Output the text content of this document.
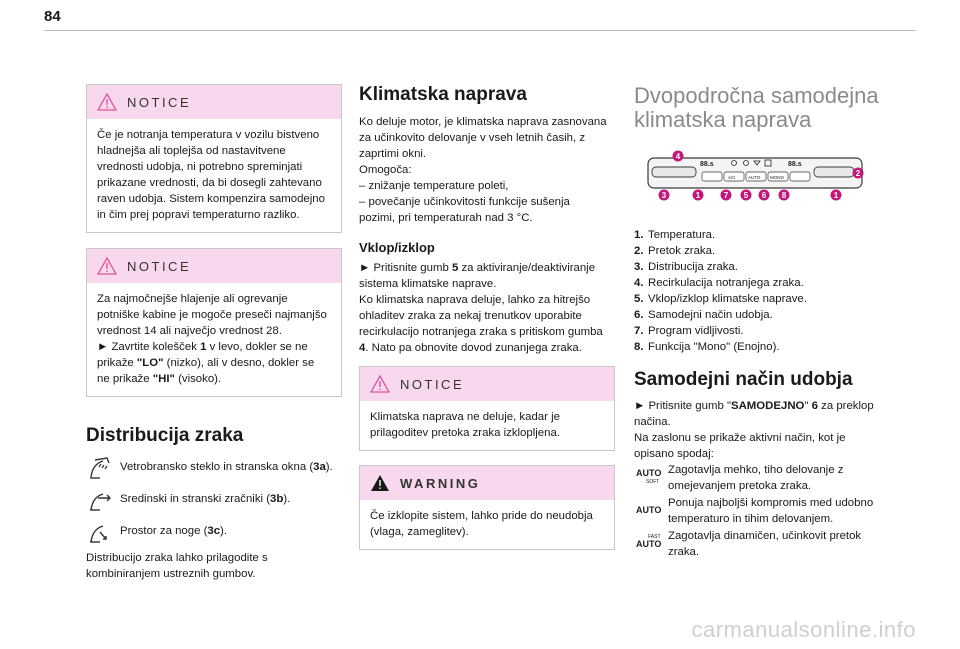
84
NOTICE

Če je notranja temperatura v vozilu bistveno

hladnejša ali toplejša od nastavitvene

vrednosti udobja, ni potrebno spreminjati

prikazane vrednosti, da bi dosegli zahtevano

raven udobja. Sistem kompenzira samodejno

in čim prej popravi temperaturno razliko.

NOTICE

Za najmočnejše hlajenje ali ogrevanje

potniške kabine je mogoče preseči najmanjšo

vrednost 14 ali največjo vrednost 28.

► Zavrtite kolešček 1 v levo, dokler se ne

prikaže "LO" (nizko), ali v desno, dokler se

ne prikaže "HI" (visoko).

Distribucija zraka
Vetrobransko steklo in stranska okna (3a).
Sredinski in stranski zračniki (3b).
Prostor za noge (3c).

Distribucijo zraka lahko prilagodite s

kombiniranjem ustreznih gumbov.

Klimatska naprava

Ko deluje motor, je klimatska naprava zasnovana

za učinkovito delovanje v vseh letnih časih, z

zaprtimi okni.

Omogoča:

– znižanje temperature poleti,

– povečanje učinkovitosti funkcije sušenja

pozimi, pri temperaturah nad 3 °C.

Vklop/izklop

► Pritisnite gumb 5 za aktiviranje/deaktiviranje

sistema klimatske naprave.

Ko klimatska naprava deluje, lahko za hitrejšo

ohladitev zraka za nekaj trenutkov uporabite

recirkulacijo notranjega zraka s pritiskom gumba

4. Nato pa obnovite dovod zunanjega zraka.

NOTICE

Klimatska naprava ne deluje, kadar je

prilagoditev pretoka zraka izklopljena.

WARNING

Če izklopite sistem, lahko pride do neudobja

(vlaga, zameglitev).

Dvopodročna samodejna
klimatska naprava
88.s	88.s
A/C	AUTO MONO
4
2
3	1	7 5 6 8	1
1. Temperatura.
2. Pretok zraka.
3. Distribucija zraka.
4. Recirkulacija notranjega zraka.
5. Vklop/izklop klimatske naprave.
6. Samodejni način udobja.
7. Program vidljivosti.
8. Funkcija "Mono" (Enojno).
Samodejni način udobja

► Pritisnite gumb "SAMODEJNO" 6 za preklop

načina.

Na zaslonu se prikaže aktivni način, kot je

opisano spodaj:

AUTO
SOFT

Zagotavlja mehko, tiho delovanje z

omejevanjem pretoka zraka.

AUTO

Ponuja najboljši kompromis med udobno

temperaturo in tihim delovanjem.

FAST
AUTO

Zagotavlja dinamičen, učinkovit pretok

zraka.

carmanualsonline.info
